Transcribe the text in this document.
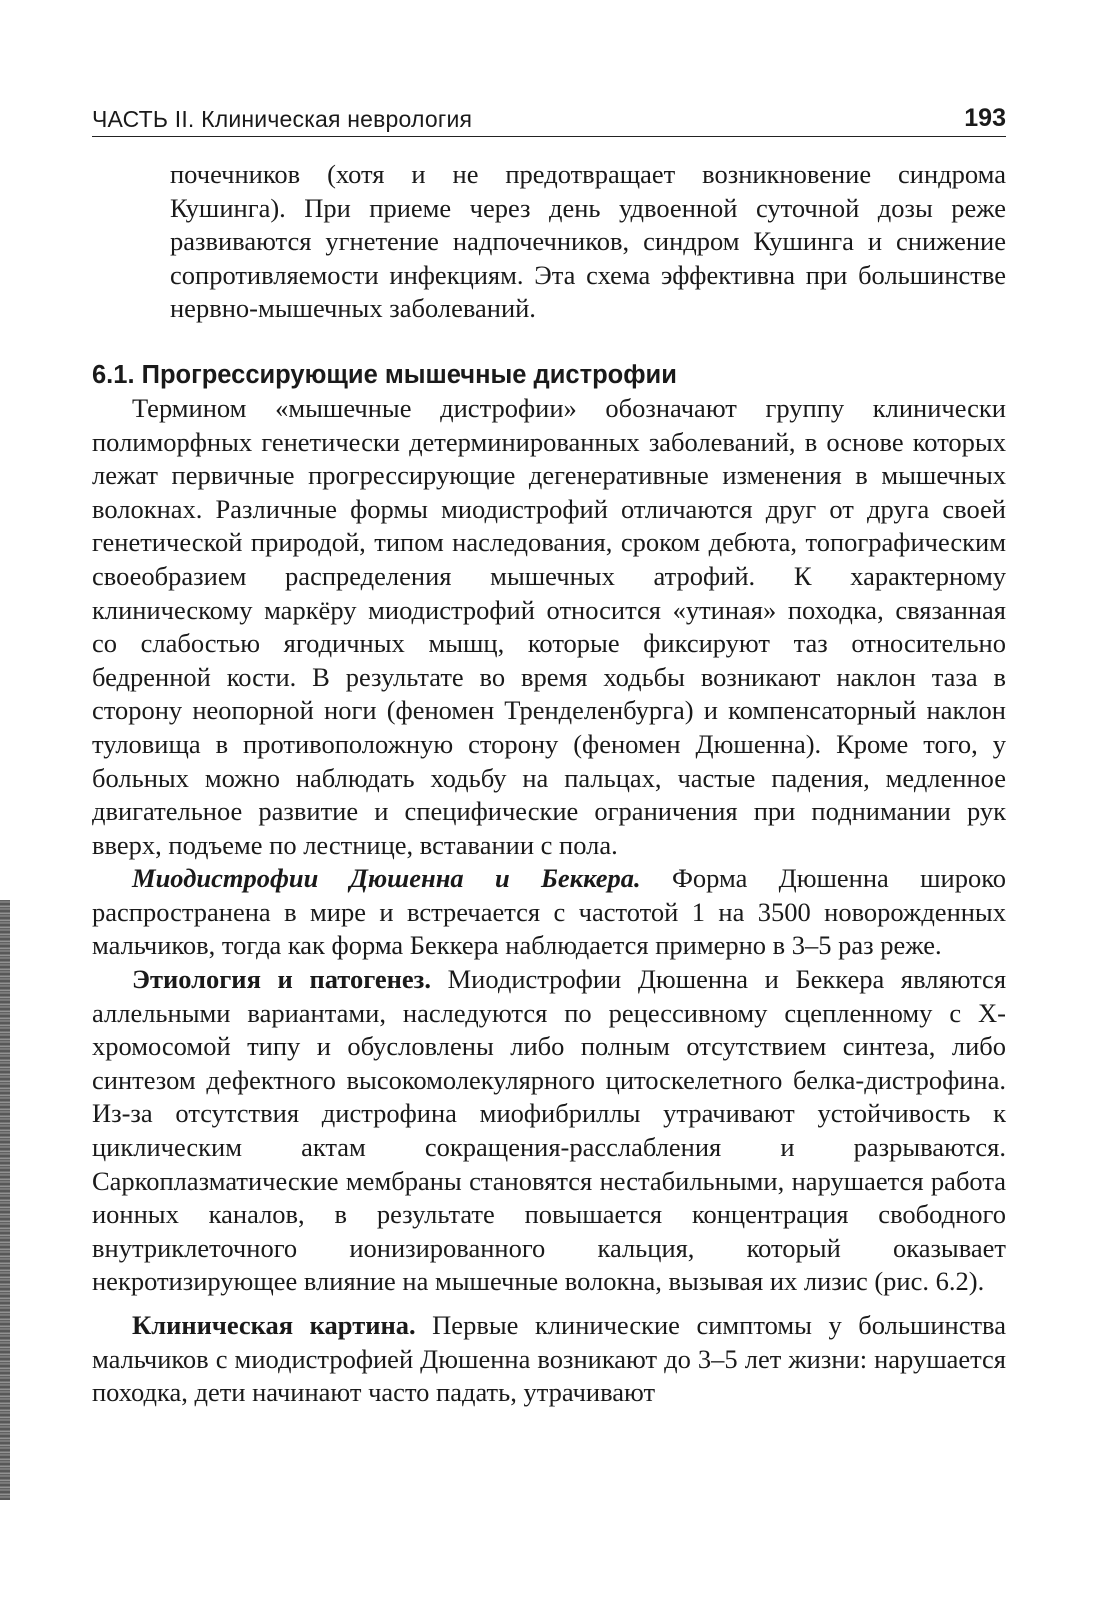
ЧАСТЬ II. Клиническая неврология	193

почечников (хотя и не предотвращает возникновение синдрома Кушинга). При приеме через день удвоенной суточной дозы реже развиваются угнетение надпочечников, синдром Кушинга и снижение сопротивляемости инфекциям. Эта схема эффективна при большинстве нервно-мышечных заболеваний.

6.1. Прогрессирующие мышечные дистрофии

Термином «мышечные дистрофии» обозначают группу клинически полиморфных генетически детерминированных заболеваний, в основе которых лежат первичные прогрессирующие дегенеративные изменения в мышечных волокнах. Различные формы миодистрофий отличаются друг от друга своей генетической природой, типом наследования, сроком дебюта, топографическим своеобразием распределения мышечных атрофий. К характерному клиническому маркёру миодистрофий относится «утиная» походка, связанная со слабостью ягодичных мышц, которые фиксируют таз относительно бедренной кости. В результате во время ходьбы возникают наклон таза в сторону неопорной ноги (феномен Тренделенбурга) и компенсаторный наклон туловища в противоположную сторону (феномен Дюшенна). Кроме того, у больных можно наблюдать ходьбу на пальцах, частые падения, медленное двигательное развитие и специфические ограничения при поднимании рук вверх, подъеме по лестнице, вставании с пола.

Миодистрофии Дюшенна и Беккера. Форма Дюшенна широко распространена в мире и встречается с частотой 1 на 3500 новорожденных мальчиков, тогда как форма Беккера наблюдается примерно в 3–5 раз реже.

Этиология и патогенез. Миодистрофии Дюшенна и Беккера являются аллельными вариантами, наследуются по рецессивному сцепленному с Х-хромосомой типу и обусловлены либо полным отсутствием синтеза, либо синтезом дефектного высокомолекулярного цитоскелетного белка-дистрофина. Из-за отсутствия дистрофина миофибриллы утрачивают устойчивость к циклическим актам сокращения-расслабления и разрываются. Саркоплазматические мембраны становятся нестабильными, нарушается работа ионных каналов, в результате повышается концентрация свободного внутриклеточного ионизированного кальция, который оказывает некротизирующее влияние на мышечные волокна, вызывая их лизис (рис. 6.2).

Клиническая картина. Первые клинические симптомы у большинства мальчиков с миодистрофией Дюшенна возникают до 3–5 лет жизни: нарушается походка, дети начинают часто падать, утрачивают
